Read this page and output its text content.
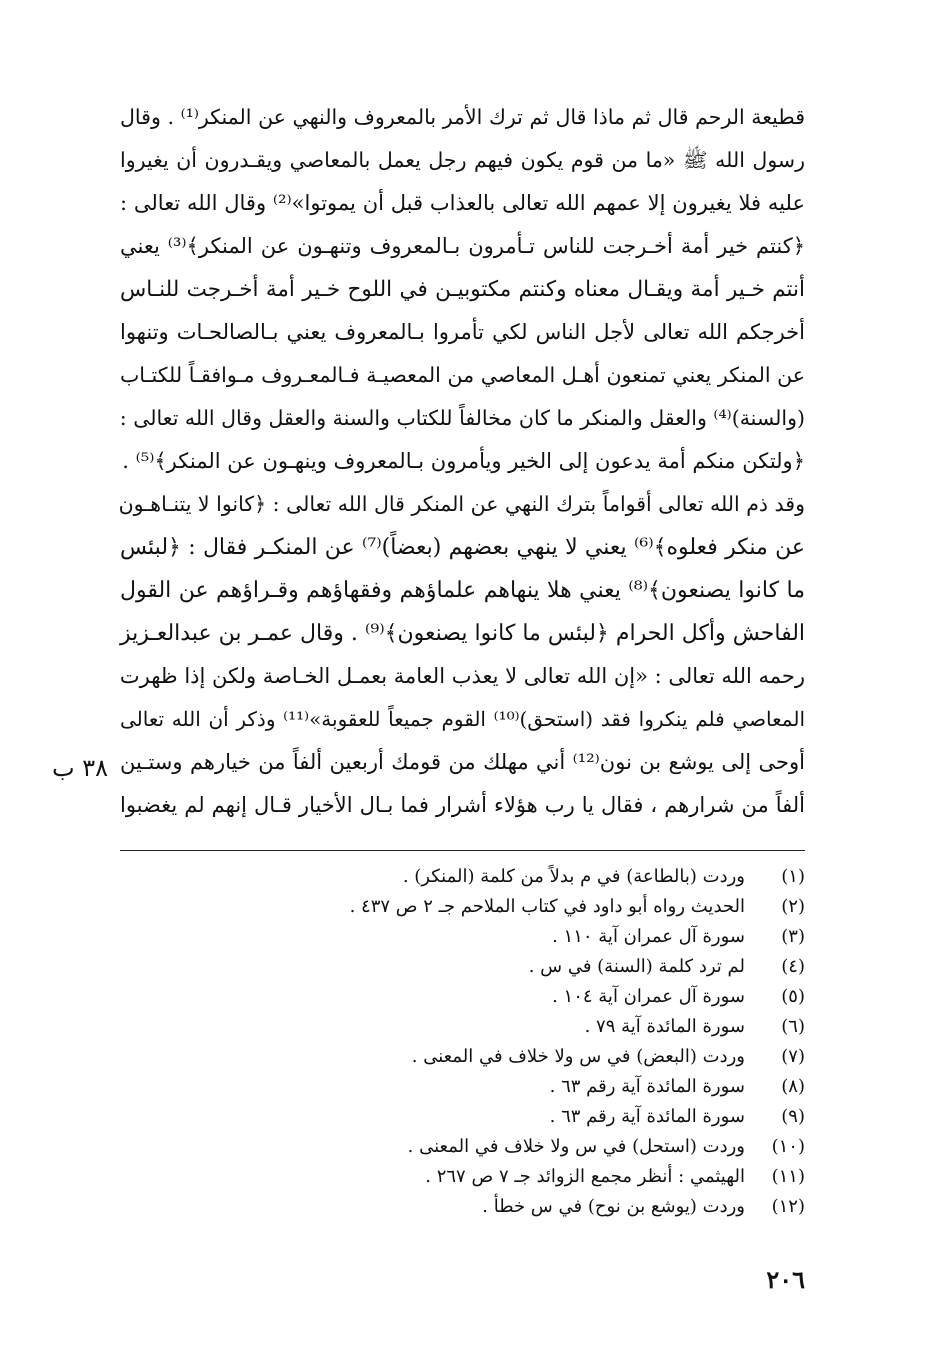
قطيعة الرحم قال ثم ماذا قال ثم ترك الأمر بالمعروف والنهي عن المنكر⁽¹⁾ . وقال
رسول الله ﷺ «ما من قوم يكون فيهم رجل يعمل بالمعاصي ويقـدرون أن يغيروا
عليه فلا يغيرون إلا عمهم الله تعالى بالعذاب قبل أن يموتوا»⁽²⁾ وقال الله تعالى :
﴿كنتم خير أمة أخـرجت للناس تـأمرون بـالمعروف وتنهـون عن المنكر﴾⁽³⁾ يعني
أنتم خـير أمة ويقـال معناه وكنتم مكتوبيـن في اللوح خـير أمة أخـرجت للنـاس
أخرجكم الله تعالى لأجل الناس لكي تأمروا بـالمعروف يعني بـالصالحـات وتنهوا
عن المنكر يعني تمنعون أهـل المعاصي من المعصيـة فـالمعـروف مـوافقـاً للكتـاب
(والسنة)⁽⁴⁾ والعقل والمنكر ما كان مخالفاً للكتاب والسنة والعقل وقال الله تعالى :
﴿ولتكن منكم أمة يدعون إلى الخير ويأمرون بـالمعروف وينهـون عن المنكر﴾⁽⁵⁾ .
وقد ذم الله تعالى أقواماً بترك النهي عن المنكر قال الله تعالى : ﴿كانوا لا يتنـاهـون
عن منكر فعلوه﴾⁽⁶⁾ يعني لا ينهي بعضهم (بعضاً)⁽⁷⁾ عن المنكـر فقال : ﴿لبئس
ما كانوا يصنعون﴾⁽⁸⁾ يعني هلا ينهاهم علماؤهم وفقهاؤهم وقـراؤهم عن القول
الفاحش وأكل الحرام ﴿لبئس ما كانوا يصنعون﴾⁽⁹⁾ . وقال عمـر بن عبدالعـزيز
رحمه الله تعالى : «إن الله تعالى لا يعذب العامة بعمـل الخـاصة ولكن إذا ظهرت
المعاصي فلم ينكروا فقد (استحق)⁽¹⁰⁾ القوم جميعاً للعقوبة»⁽¹¹⁾ وذكر أن الله تعالى
أوحى إلى يوشع بن نون⁽¹²⁾ أني مهلك من قومك أربعين ألفاً من خيارهم وستـين
ألفاً من شرارهم ، فقال يا رب هؤلاء أشرار فما بـال الأخيار قـال إنهم لم يغضبوا
٣٨ ب
(١)
وردت (بالطاعة) في م بدلاً من كلمة (المنكر) .
(٢)
الحديث رواه أبو داود في كتاب الملاحم جـ ٢ ص ٤٣٧ .
(٣)
سورة آل عمران آية ١١٠ .
(٤)
لم ترد كلمة (السنة) في س .
(٥)
سورة آل عمران آية ١٠٤ .
(٦)
سورة المائدة آية ٧٩ .
(٧)
وردت (البعض) في س ولا خلاف في المعنى .
(٨)
سورة المائدة آية رقم ٦٣ .
(٩)
سورة المائدة آية رقم ٦٣ .
(١٠)
وردت (استحل) في س ولا خلاف في المعنى .
(١١)
الهيثمي : أنظر مجمع الزوائد جـ ٧ ص ٢٦٧ .
(١٢)
وردت (يوشع بن نوح) في س خطأ .
٢٠٦
